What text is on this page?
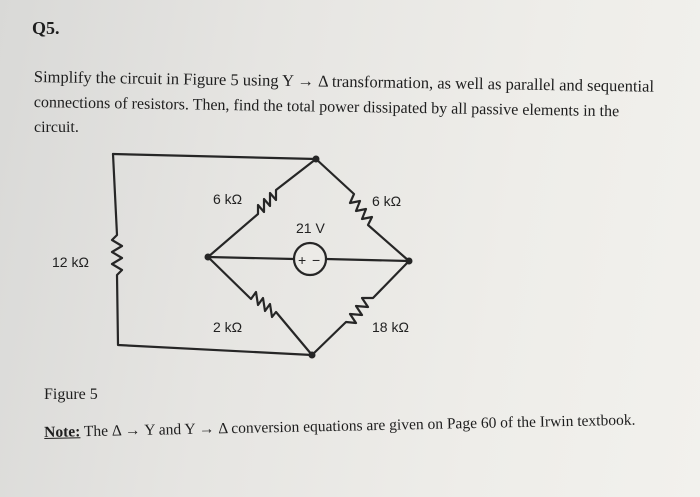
Q5.

Simplify the circuit in Figure 5 using Y → Δ transformation, as well as parallel and sequential

connections of resistors. Then, find the total power dissipated by all passive elements in the

circuit.

+ −
6 kΩ	6 kΩ
12 kΩ
2 kΩ	18 kΩ
21 V

Figure 5

Note: The Δ → Y and Y → Δ conversion equations are given on Page 60 of the Irwin textbook.
